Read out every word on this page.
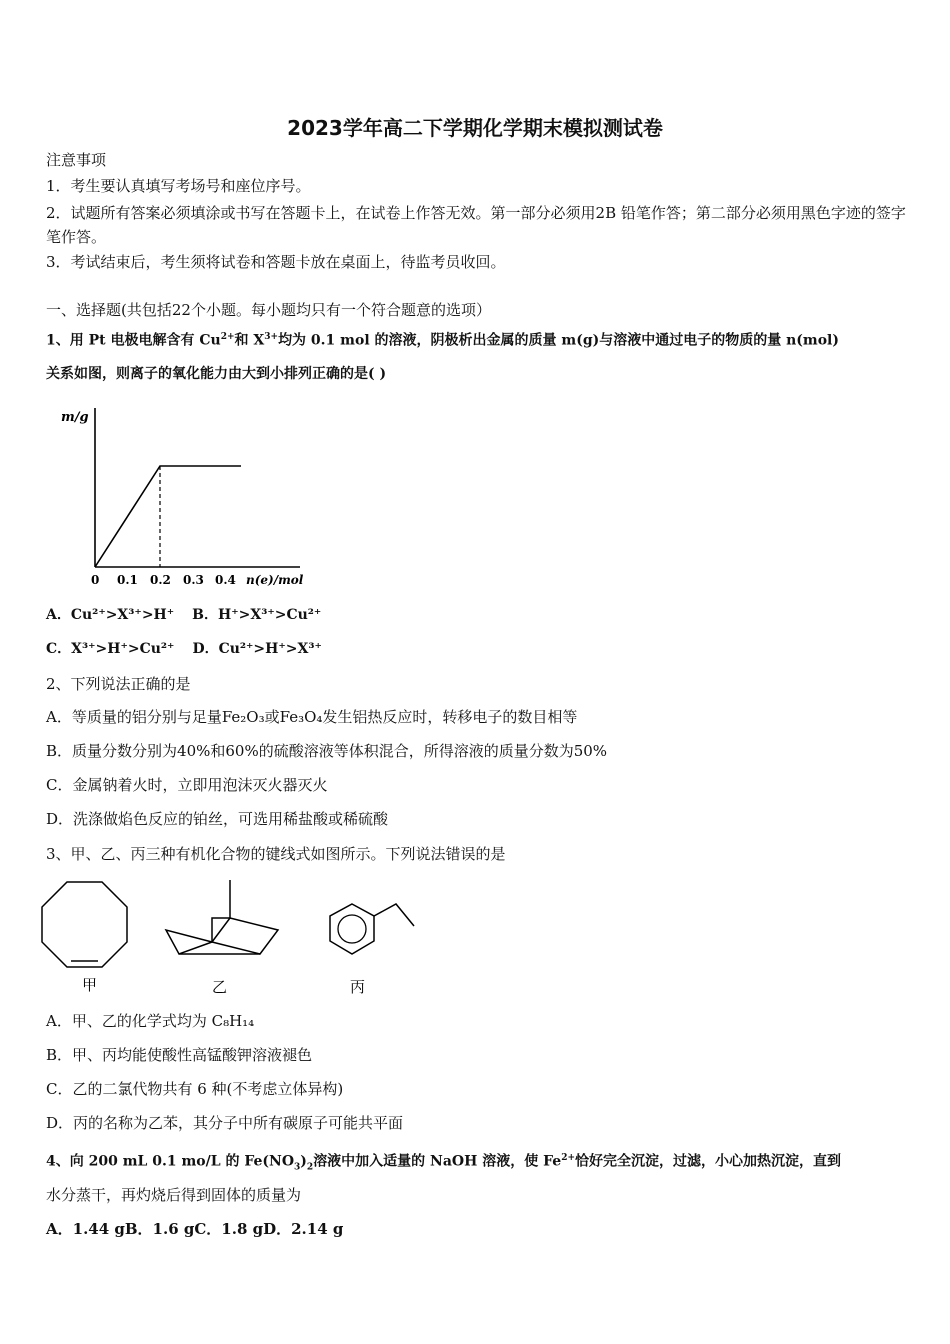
2023学年高二下学期化学期末模拟测试卷
注意事项
1．考生要认真填写考场号和座位序号。
2．试题所有答案必须填涂或书写在答题卡上，在试卷上作答无效。第一部分必须用2B 铅笔作答；第二部分必须用黑色字迹的签字笔作答。
3．考试结束后，考生须将试卷和答题卡放在桌面上，待监考员收回。
一、选择题(共包括22个小题。每小题均只有一个符合题意的选项）
1、用 Pt 电极电解含有 $Cu^{2+}$和 $X^{3+}$均为 0.1 mol 的溶液，阴极析出金属的质量 m(g)与溶液中通过电子的物质的量 n(mol)
关系如图，则离子的氧化能力由大到小排列正确的是( )
m/g
0 0.1 0.2 0.3 0.4 n(e)/mol
A．Cu²⁺>X³⁺>H⁺ B．H⁺>X³⁺>Cu²⁺
C．X³⁺>H⁺>Cu²⁺ D．Cu²⁺>H⁺>X³⁺
2、下列说法正确的是
A．等质量的铝分别与足量Fe₂O₃或Fe₃O₄发生铝热反应时，转移电子的数目相等
B．质量分数分别为40%和60%的硫酸溶液等体积混合，所得溶液的质量分数为50%
C．金属钠着火时，立即用泡沫灭火器灭火
D．洗涤做焰色反应的铂丝，可选用稀盐酸或稀硫酸
3、甲、乙、丙三种有机化合物的键线式如图所示。下列说法错误的是
甲	乙	丙
A．甲、乙的化学式均为 C₈H₁₄
B．甲、丙均能使酸性高锰酸钾溶液褪色
C．乙的二氯代物共有 6 种(不考虑立体异构)
D．丙的名称为乙苯，其分子中所有碳原子可能共平面
4、向 200 mL 0.1 mo/L 的 $Fe(NO_3)_2$溶液中加入适量的 NaOH 溶液，使 $Fe^{2+}$恰好完全沉淀，过滤，小心加热沉淀，直到
水分蒸干，再灼烧后得到固体的质量为
A．1.44 gB．1.6 gC．1.8 gD．2.14 g
